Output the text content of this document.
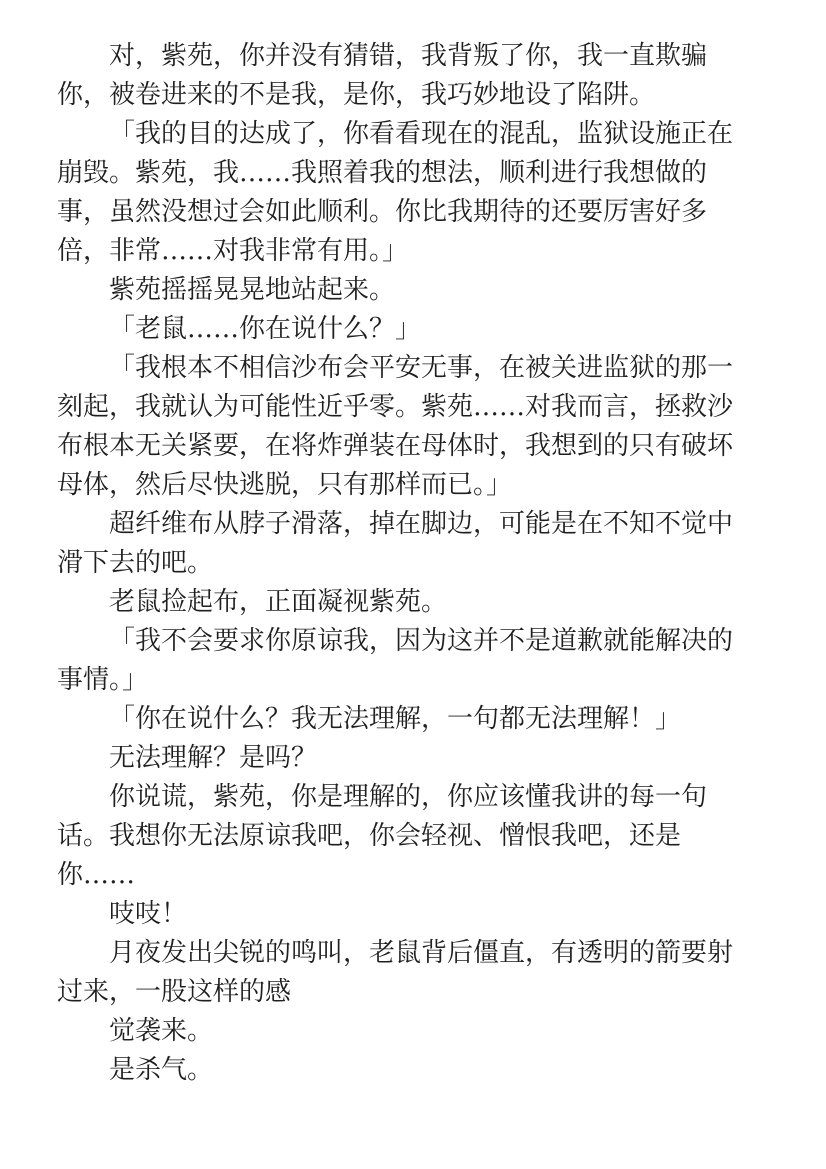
对，紫苑，你并没有猜错，我背叛了你，我一直欺骗你，被卷进来的不是我，是你，我巧妙地设了陷阱。

「我的目的达成了，你看看现在的混乱，监狱设施正在崩毁。紫苑，我……我照着我的想法，顺利进行我想做的事，虽然没想过会如此顺利。你比我期待的还要厉害好多倍，非常……对我非常有用。」

紫苑摇摇晃晃地站起来。

「老鼠……你在说什么？」

「我根本不相信沙布会平安无事，在被关进监狱的那一刻起，我就认为可能性近乎零。紫苑……对我而言，拯救沙布根本无关紧要，在将炸弹装在母体时，我想到的只有破坏母体，然后尽快逃脱，只有那样而已。」

超纤维布从脖子滑落，掉在脚边，可能是在不知不觉中滑下去的吧。

老鼠捡起布，正面凝视紫苑。

「我不会要求你原谅我，因为这并不是道歉就能解决的事情。」

「你在说什么？我无法理解，一句都无法理解！」

无法理解？是吗？

你说谎，紫苑，你是理解的，你应该懂我讲的每一句话。我想你无法原谅我吧，你会轻视、憎恨我吧，还是你……

吱吱！

月夜发出尖锐的鸣叫，老鼠背后僵直，有透明的箭要射过来，一股这样的感

觉袭来。

是杀气。
